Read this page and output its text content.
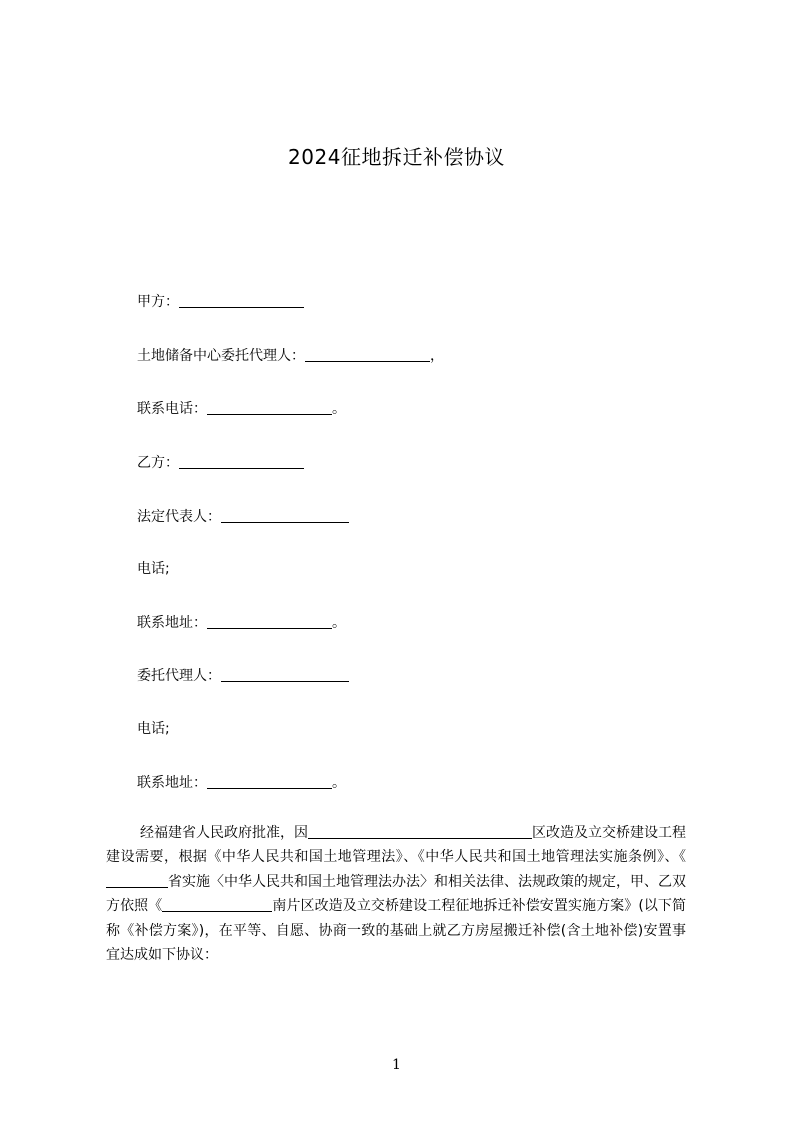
2024征地拆迁补偿协议
甲方：
土地储备中心委托代理人：	，
联系电话：	。
乙方：
法定代表人：
电话;
联系地址：	。
委托代理人：
电话;
联系地址：	。
经福建省人民政府批准，因	区改造及立交桥建设工程建设需要，根据《中华人民共和国土地管理法》、《中华人民共和国土地管理法实施条例》、《省实施〈中华人民共和国土地管理法办法〉和相关法律、法规政策的规定，甲、乙双方依照《	南片区改造及立交桥建设工程征地拆迁补偿安置实施方案》(以下简称《补偿方案》)，在平等、自愿、协商一致的基础上就乙方房屋搬迁补偿(含土地补偿)安置事宜达成如下协议：
1
